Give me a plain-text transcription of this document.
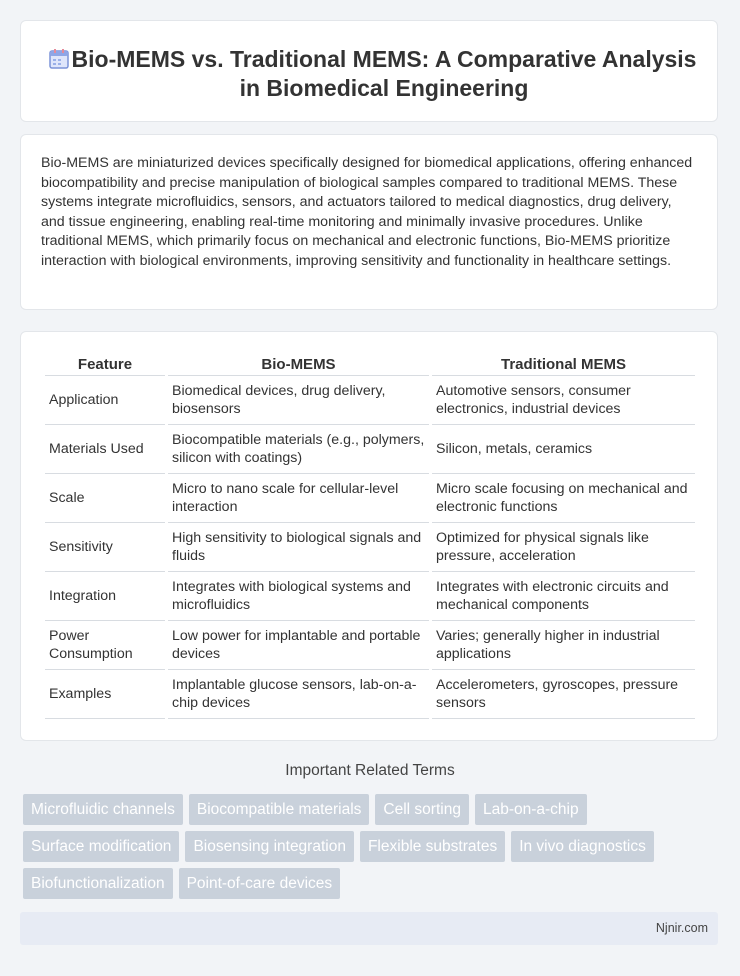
Bio-MEMS vs. Traditional MEMS: A Comparative Analysis in Biomedical Engineering

Bio-MEMS are miniaturized devices specifically designed for biomedical applications, offering enhanced biocompatibility and precise manipulation of biological samples compared to traditional MEMS. These systems integrate microfluidics, sensors, and actuators tailored to medical diagnostics, drug delivery, and tissue engineering, enabling real-time monitoring and minimally invasive procedures. Unlike traditional MEMS, which primarily focus on mechanical and electronic functions, Bio-MEMS prioritize interaction with biological environments, improving sensitivity and functionality in healthcare settings.

Feature	Bio-MEMS	Traditional MEMS
Application	Biomedical devices, drug delivery, biosensors	Automotive sensors, consumer electronics, industrial devices
Materials Used	Biocompatible materials (e.g., polymers, silicon with coatings)	Silicon, metals, ceramics
Scale	Micro to nano scale for cellular-level interaction	Micro scale focusing on mechanical and electronic functions
Sensitivity	High sensitivity to biological signals and fluids	Optimized for physical signals like pressure, acceleration
Integration	Integrates with biological systems and microfluidics	Integrates with electronic circuits and mechanical components
Power Consumption	Low power for implantable and portable devices	Varies; generally higher in industrial applications
Examples	Implantable glucose sensors, lab-on-a-chip devices	Accelerometers, gyroscopes, pressure sensors
Important Related Terms
Microfluidic channels	Biocompatible materials	Cell sorting	Lab-on-a-chip
Surface modification	Biosensing integration	Flexible substrates	In vivo diagnostics
Biofunctionalization	Point-of-care devices
Njnir.com
